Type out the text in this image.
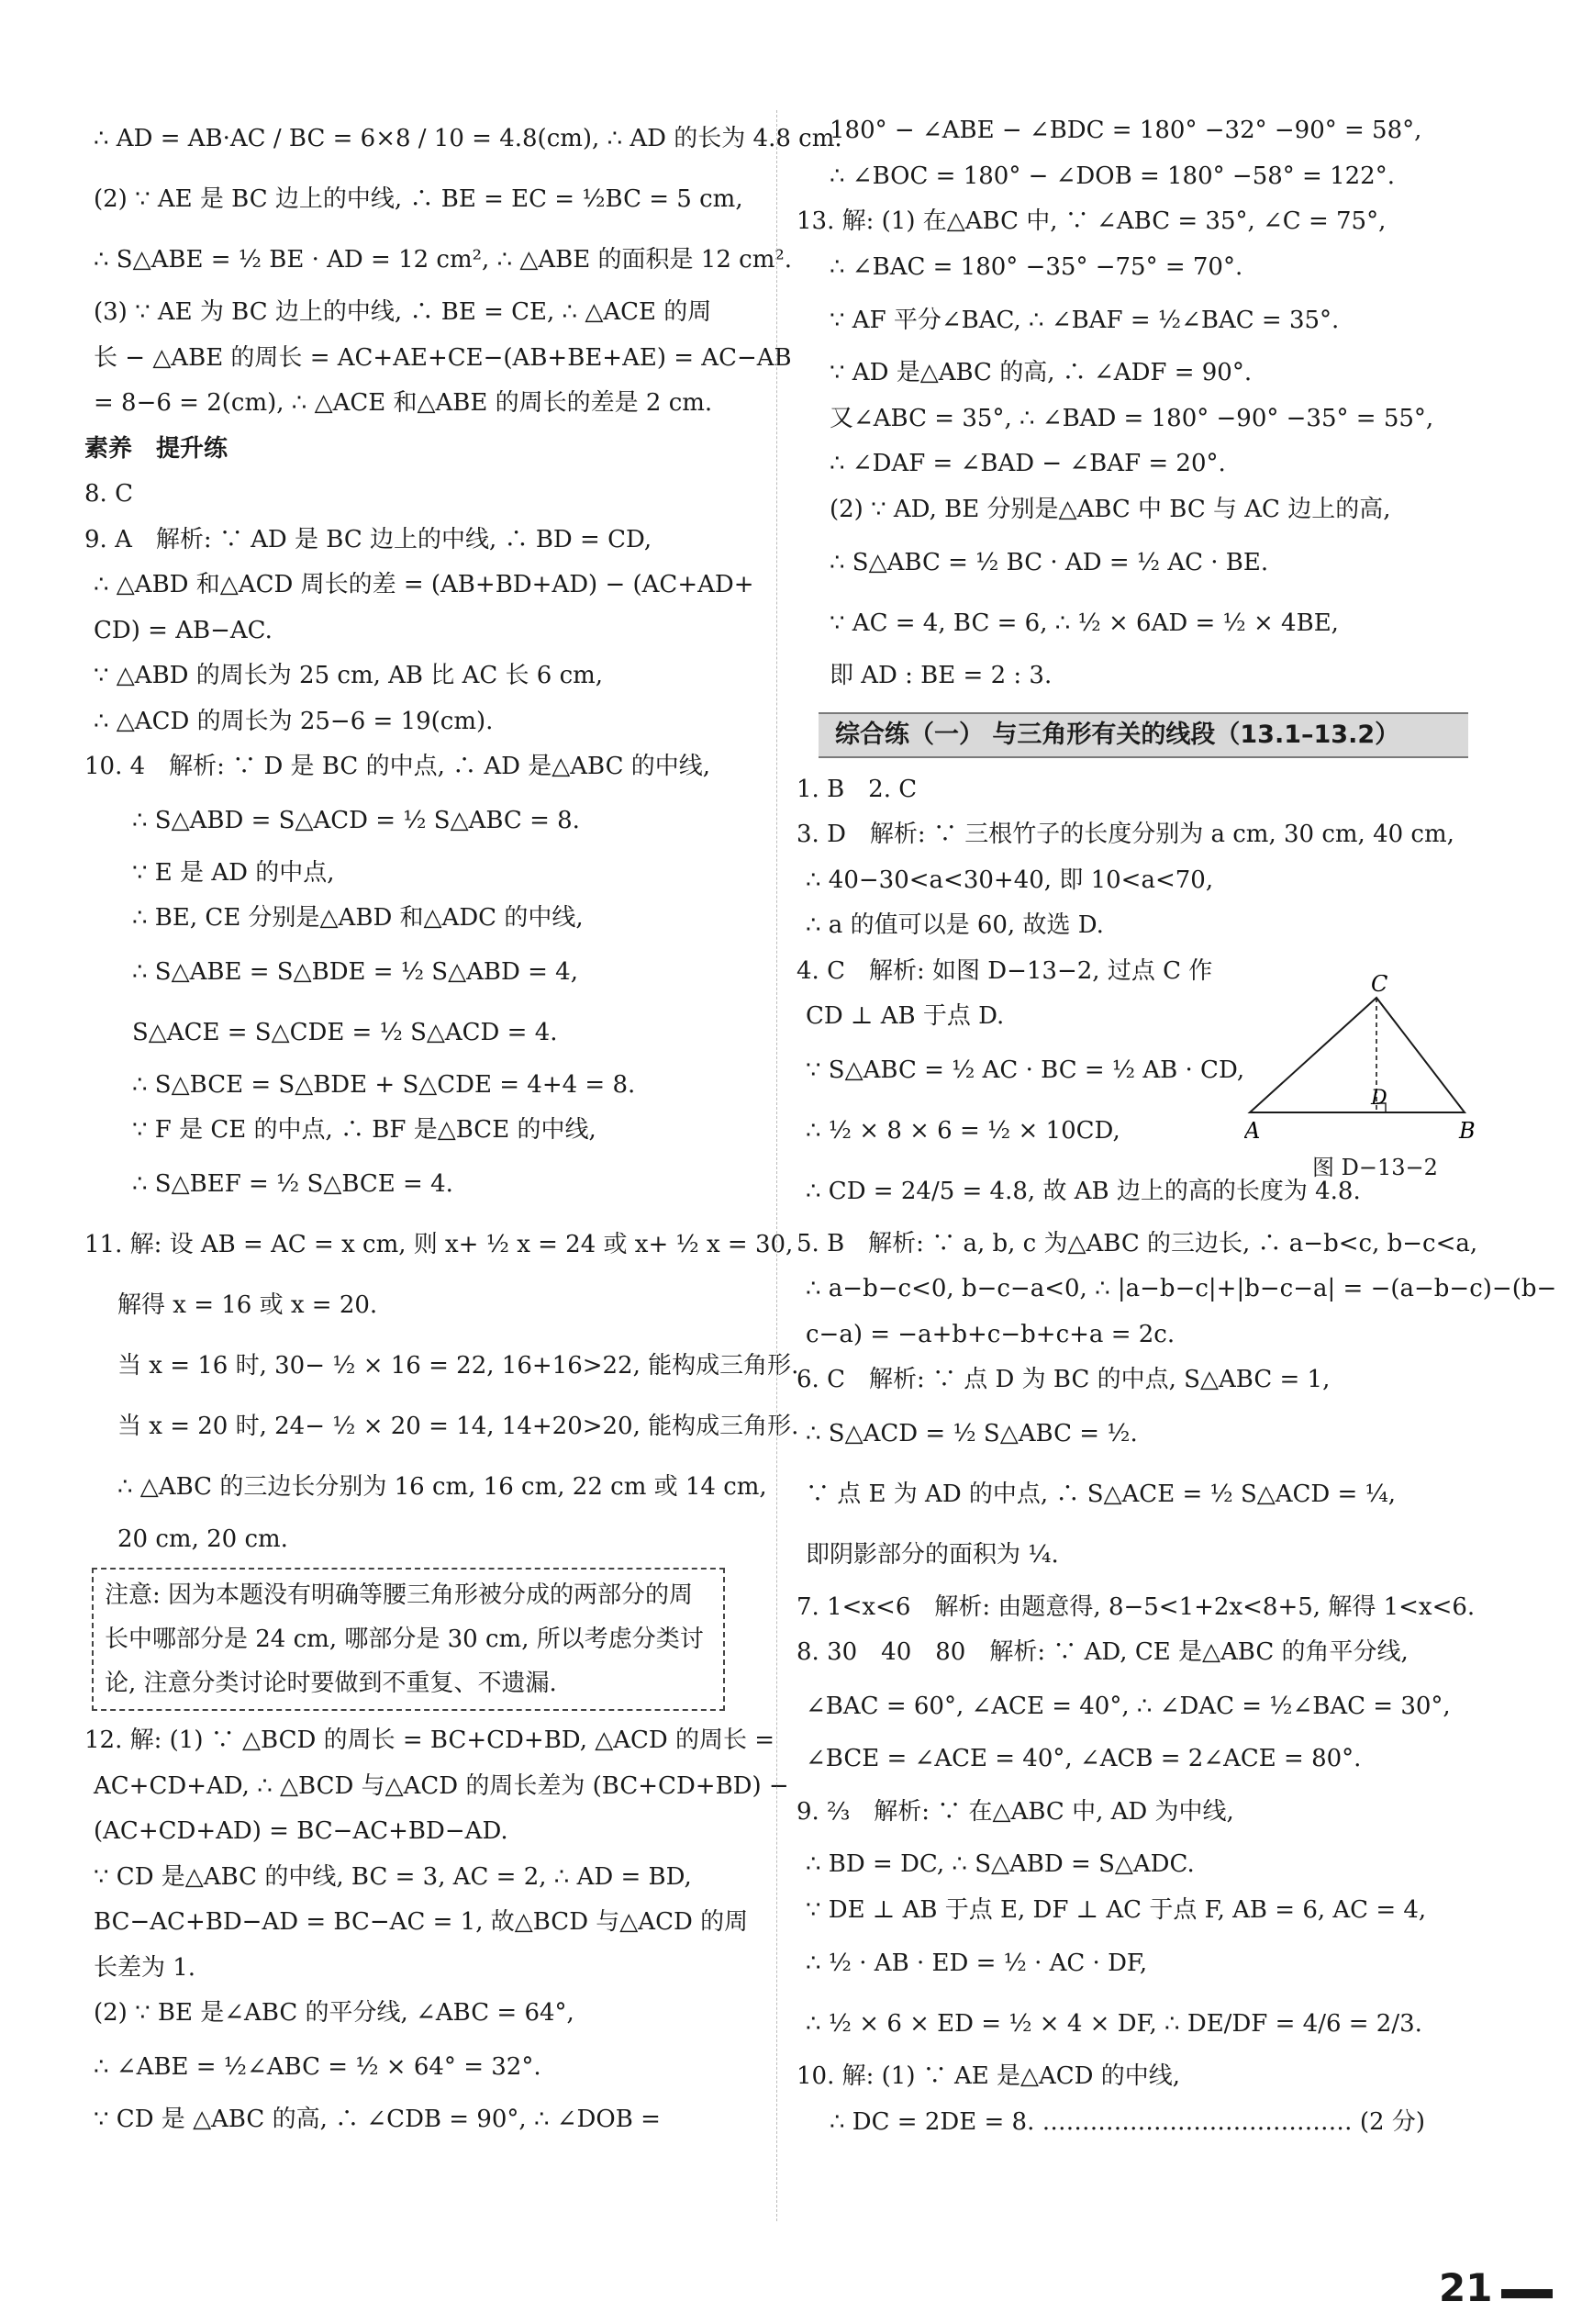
∴ AD = AB·AC / BC = 6×8 / 10 = 4.8(cm), ∴ AD 的长为 4.8 cm.
(2) ∵ AE 是 BC 边上的中线, ∴ BE = EC = ½BC = 5 cm,
∴ S△ABE = ½ BE · AD = 12 cm², ∴ △ABE 的面积是 12 cm².
(3) ∵ AE 为 BC 边上的中线, ∴ BE = CE, ∴ △ACE 的周
长 − △ABE 的周长 = AC+AE+CE−(AB+BE+AE) = AC−AB
= 8−6 = 2(cm), ∴ △ACE 和△ABE 的周长的差是 2 cm.
素养　提升练
8. C
9. A　解析: ∵ AD 是 BC 边上的中线, ∴ BD = CD,
∴ △ABD 和△ACD 周长的差 = (AB+BD+AD) − (AC+AD+
CD) = AB−AC.
∵ △ABD 的周长为 25 cm, AB 比 AC 长 6 cm,
∴ △ACD 的周长为 25−6 = 19(cm).
10. 4　解析: ∵ D 是 BC 的中点, ∴ AD 是△ABC 的中线,
∴ S△ABD = S△ACD = ½ S△ABC = 8.
∵ E 是 AD 的中点,
∴ BE, CE 分别是△ABD 和△ADC 的中线,
∴ S△ABE = S△BDE = ½ S△ABD = 4,
S△ACE = S△CDE = ½ S△ACD = 4.
∴ S△BCE = S△BDE + S△CDE = 4+4 = 8.
∵ F 是 CE 的中点, ∴ BF 是△BCE 的中线,
∴ S△BEF = ½ S△BCE = 4.
11. 解: 设 AB = AC = x cm, 则 x+ ½ x = 24 或 x+ ½ x = 30,
解得 x = 16 或 x = 20.
当 x = 16 时, 30− ½ × 16 = 22, 16+16>22, 能构成三角形.
当 x = 20 时, 24− ½ × 20 = 14, 14+20>20, 能构成三角形.
∴ △ABC 的三边长分别为 16 cm, 16 cm, 22 cm 或 14 cm,
20 cm, 20 cm.
注意: 因为本题没有明确等腰三角形被分成的两部分的周长中哪部分是 24 cm, 哪部分是 30 cm, 所以考虑分类讨论, 注意分类讨论时要做到不重复、不遗漏.
12. 解: (1) ∵ △BCD 的周长 = BC+CD+BD, △ACD 的周长 =
AC+CD+AD, ∴ △BCD 与△ACD 的周长差为 (BC+CD+BD) −
(AC+CD+AD) = BC−AC+BD−AD.
∵ CD 是△ABC 的中线, BC = 3, AC = 2, ∴ AD = BD,
BC−AC+BD−AD = BC−AC = 1, 故△BCD 与△ACD 的周
长差为 1.
(2) ∵ BE 是∠ABC 的平分线, ∠ABC = 64°,
∴ ∠ABE = ½∠ABC = ½ × 64° = 32°.
∵ CD 是 △ABC 的高, ∴ ∠CDB = 90°, ∴ ∠DOB =
180° − ∠ABE − ∠BDC = 180° −32° −90° = 58°,
∴ ∠BOC = 180° − ∠DOB = 180° −58° = 122°.
13. 解: (1) 在△ABC 中, ∵ ∠ABC = 35°, ∠C = 75°,
∴ ∠BAC = 180° −35° −75° = 70°.
∵ AF 平分∠BAC, ∴ ∠BAF = ½∠BAC = 35°.
∵ AD 是△ABC 的高, ∴ ∠ADF = 90°.
又∠ABC = 35°, ∴ ∠BAD = 180° −90° −35° = 55°,
∴ ∠DAF = ∠BAD − ∠BAF = 20°.
(2) ∵ AD, BE 分别是△ABC 中 BC 与 AC 边上的高,
∴ S△ABC = ½ BC · AD = ½ AC · BE.
∵ AC = 4, BC = 6, ∴ ½ × 6AD = ½ × 4BE,
即 AD : BE = 2 : 3.
综合练（一） 与三角形有关的线段（13.1–13.2）
1. B　2. C
3. D　解析: ∵ 三根竹子的长度分别为 a cm, 30 cm, 40 cm,
∴ 40−30<a<30+40, 即 10<a<70,
∴ a 的值可以是 60, 故选 D.
4. C　解析: 如图 D−13−2, 过点 C 作
CD ⊥ AB 于点 D.
∵ S△ABC = ½ AC · BC = ½ AB · CD,
∴ ½ × 8 × 6 = ½ × 10CD,
∴ CD = 24/5 = 4.8, 故 AB 边上的高的长度为 4.8.
5. B　解析: ∵ a, b, c 为△ABC 的三边长, ∴ a−b<c, b−c<a,
∴ a−b−c<0, b−c−a<0, ∴ |a−b−c|+|b−c−a| = −(a−b−c)−(b−
c−a) = −a+b+c−b+c+a = 2c.
6. C　解析: ∵ 点 D 为 BC 的中点, S△ABC = 1,
∴ S△ACD = ½ S△ABC = ½.
∵ 点 E 为 AD 的中点, ∴ S△ACE = ½ S△ACD = ¼,
即阴影部分的面积为 ¼.
7. 1<x<6　解析: 由题意得, 8−5<1+2x<8+5, 解得 1<x<6.
8. 30　40　80　解析: ∵ AD, CE 是△ABC 的角平分线,
∠BAC = 60°, ∠ACE = 40°, ∴ ∠DAC = ½∠BAC = 30°,
∠BCE = ∠ACE = 40°, ∠ACB = 2∠ACE = 80°.
9. ⅔　解析: ∵ 在△ABC 中, AD 为中线,
∴ BD = DC, ∴ S△ABD = S△ADC.
∵ DE ⊥ AB 于点 E, DF ⊥ AC 于点 F, AB = 6, AC = 4,
∴ ½ · AB · ED = ½ · AC · DF,
∴ ½ × 6 × ED = ½ × 4 × DF, ∴ DE/DF = 4/6 = 2/3.
10. 解: (1) ∵ AE 是△ACD 的中线,
∴ DC = 2DE = 8. ………………………………… (2 分)
A	B
C
D
图 D−13−2
21
